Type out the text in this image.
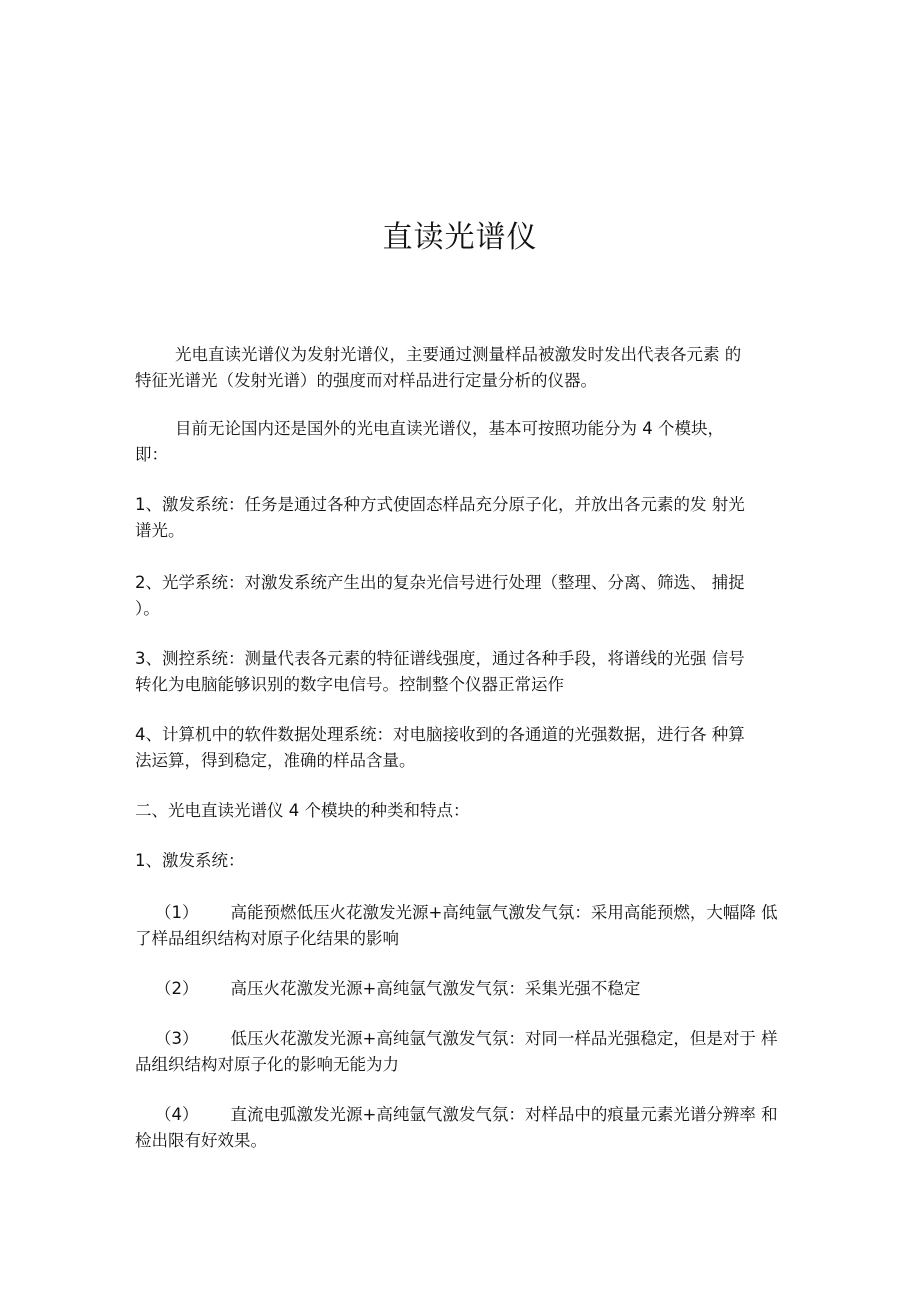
直读光谱仪
光电直读光谱仪为发射光谱仪，主要通过测量样品被激发时发出代表各元素 的
特征光谱光（发射光谱）的强度而对样品进行定量分析的仪器。
目前无论国内还是国外的光电直读光谱仪，基本可按照功能分为 4 个模块，
即：
1、激发系统：任务是通过各种方式使固态样品充分原子化，并放出各元素的发 射光
谱光。
2、光学系统：对激发系统产生出的复杂光信号进行处理（整理、分离、筛选、 捕捉
）。
3、测控系统：测量代表各元素的特征谱线强度，通过各种手段，将谱线的光强 信号
转化为电脑能够识别的数字电信号。控制整个仪器正常运作
4、计算机中的软件数据处理系统：对电脑接收到的各通道的光强数据，进行各 种算
法运算，得到稳定，准确的样品含量。
二、光电直读光谱仪 4 个模块的种类和特点：
1、激发系统：
（1） 高能预燃低压火花激发光源+高纯氩气激发气氛：采用高能预燃，大幅降 低
了样品组织结构对原子化结果的影响
（2） 高压火花激发光源+高纯氩气激发气氛：采集光强不稳定
（3） 低压火花激发光源+高纯氩气激发气氛：对同一样品光强稳定，但是对于 样
品组织结构对原子化的影响无能为力
（4） 直流电弧激发光源+高纯氩气激发气氛：对样品中的痕量元素光谱分辨率 和
检出限有好效果。
